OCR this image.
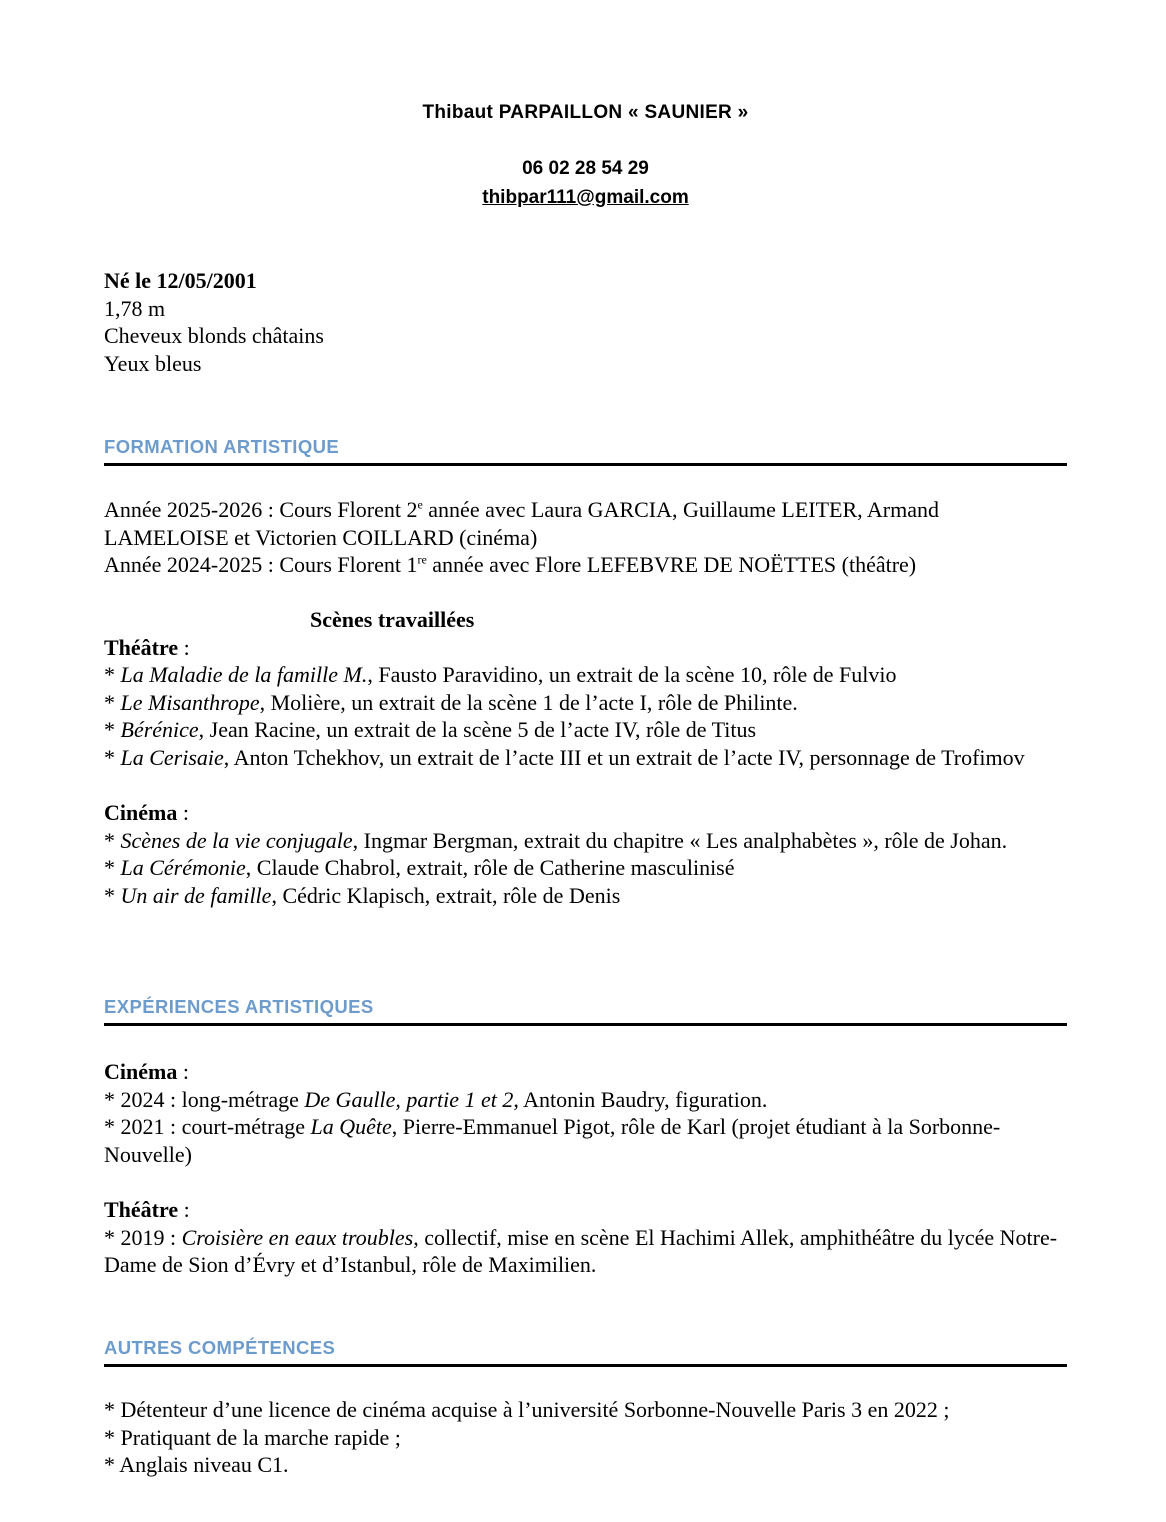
Thibaut PARPAILLON « SAUNIER »
06 02 28 54 29
thibpar111@gmail.com
Né le 12/05/2001
1,78 m
Cheveux blonds châtains
Yeux bleus
FORMATION ARTISTIQUE
Année 2025-2026 : Cours Florent 2e année avec Laura GARCIA, Guillaume LEITER, Armand LAMELOISE et Victorien COILLARD (cinéma)
Année 2024-2025 : Cours Florent 1re année avec Flore LEFEBVRE DE NOËTTES (théâtre)
Scènes travaillées
Théâtre :
* La Maladie de la famille M., Fausto Paravidino, un extrait de la scène 10, rôle de Fulvio
* Le Misanthrope, Molière, un extrait de la scène 1 de l’acte I, rôle de Philinte.
* Bérénice, Jean Racine, un extrait de la scène 5 de l’acte IV, rôle de Titus
* La Cerisaie, Anton Tchekhov, un extrait de l’acte III et un extrait de l’acte IV, personnage de Trofimov
Cinéma :
* Scènes de la vie conjugale, Ingmar Bergman, extrait du chapitre « Les analphabètes », rôle de Johan.
* La Cérémonie, Claude Chabrol, extrait, rôle de Catherine masculinisé
* Un air de famille, Cédric Klapisch, extrait, rôle de Denis
EXPÉRIENCES ARTISTIQUES
Cinéma :
* 2024 : long-métrage De Gaulle, partie 1 et 2, Antonin Baudry, figuration.
* 2021 : court-métrage La Quête, Pierre-Emmanuel Pigot, rôle de Karl (projet étudiant à la Sorbonne-Nouvelle)
Théâtre :
* 2019 : Croisière en eaux troubles, collectif, mise en scène El Hachimi Allek, amphithéâtre du lycée Notre-Dame de Sion d’Évry et d’Istanbul, rôle de Maximilien.
AUTRES COMPÉTENCES
* Détenteur d’une licence de cinéma acquise à l’université Sorbonne-Nouvelle Paris 3 en 2022 ;
* Pratiquant de la marche rapide ;
* Anglais niveau C1.
